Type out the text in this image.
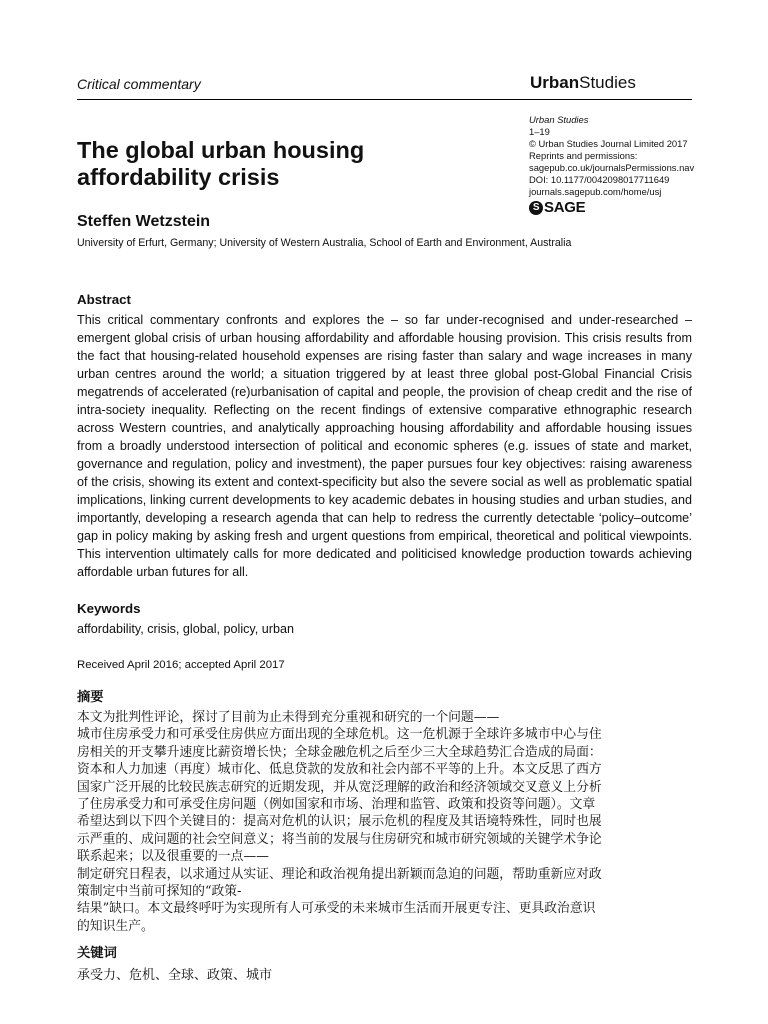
Critical commentary	UrbanStudies
Urban Studies
1–19
© Urban Studies Journal Limited 2017
Reprints and permissions:
sagepub.co.uk/journalsPermissions.nav
DOI: 10.1177/0042098017711649
journals.sagepub.com/home/usj
S SAGE
The global urban housing affordability crisis
Steffen Wetzstein
University of Erfurt, Germany; University of Western Australia, School of Earth and Environment, Australia
Abstract
This critical commentary confronts and explores the – so far under-recognised and under-researched – emergent global crisis of urban housing affordability and affordable housing provision. This crisis results from the fact that housing-related household expenses are rising faster than salary and wage increases in many urban centres around the world; a situation triggered by at least three global post-Global Financial Crisis megatrends of accelerated (re)urbanisation of capital and people, the provision of cheap credit and the rise of intra-society inequality. Reflecting on the recent findings of extensive comparative ethnographic research across Western countries, and analytically approaching housing affordability and affordable housing issues from a broadly understood intersection of political and economic spheres (e.g. issues of state and market, governance and regulation, policy and investment), the paper pursues four key objectives: raising awareness of the crisis, showing its extent and context-specificity but also the severe social as well as problematic spatial implications, linking current developments to key academic debates in housing studies and urban studies, and importantly, developing a research agenda that can help to redress the currently detectable ‘policy–outcome’ gap in policy making by asking fresh and urgent questions from empirical, theoretical and political viewpoints. This intervention ultimately calls for more dedicated and politicised knowledge production towards achieving affordable urban futures for all.
Keywords
affordability, crisis, global, policy, urban
Received April 2016; accepted April 2017
摘要
本文为批判性评论，探讨了目前为止未得到充分重视和研究的一个问题——
城市住房承受力和可承受住房供应方面出现的全球危机。这一危机源于全球许多城市中心与住
房相关的开支攀升速度比薪资增长快；全球金融危机之后至少三大全球趋势汇合造成的局面：
资本和人力加速（再度）城市化、低息贷款的发放和社会内部不平等的上升。本文反思了西方
国家广泛开展的比较民族志研究的近期发现，并从宽泛理解的政治和经济领域交叉意义上分析
了住房承受力和可承受住房问题（例如国家和市场、治理和监管、政策和投资等问题）。文章
希望达到以下四个关键目的：提高对危机的认识；展示危机的程度及其语境特殊性，同时也展
示严重的、成问题的社会空间意义；将当前的发展与住房研究和城市研究领域的关键学术争论
联系起来；以及很重要的一点——
制定研究日程表，以求通过从实证、理论和政治视角提出新颖而急迫的问题，帮助重新应对政
策制定中当前可探知的“政策-
结果”缺口。本文最终呼吁为实现所有人可承受的未来城市生活而开展更专注、更具政治意识
的知识生产。
关键词
承受力、危机、全球、政策、城市
